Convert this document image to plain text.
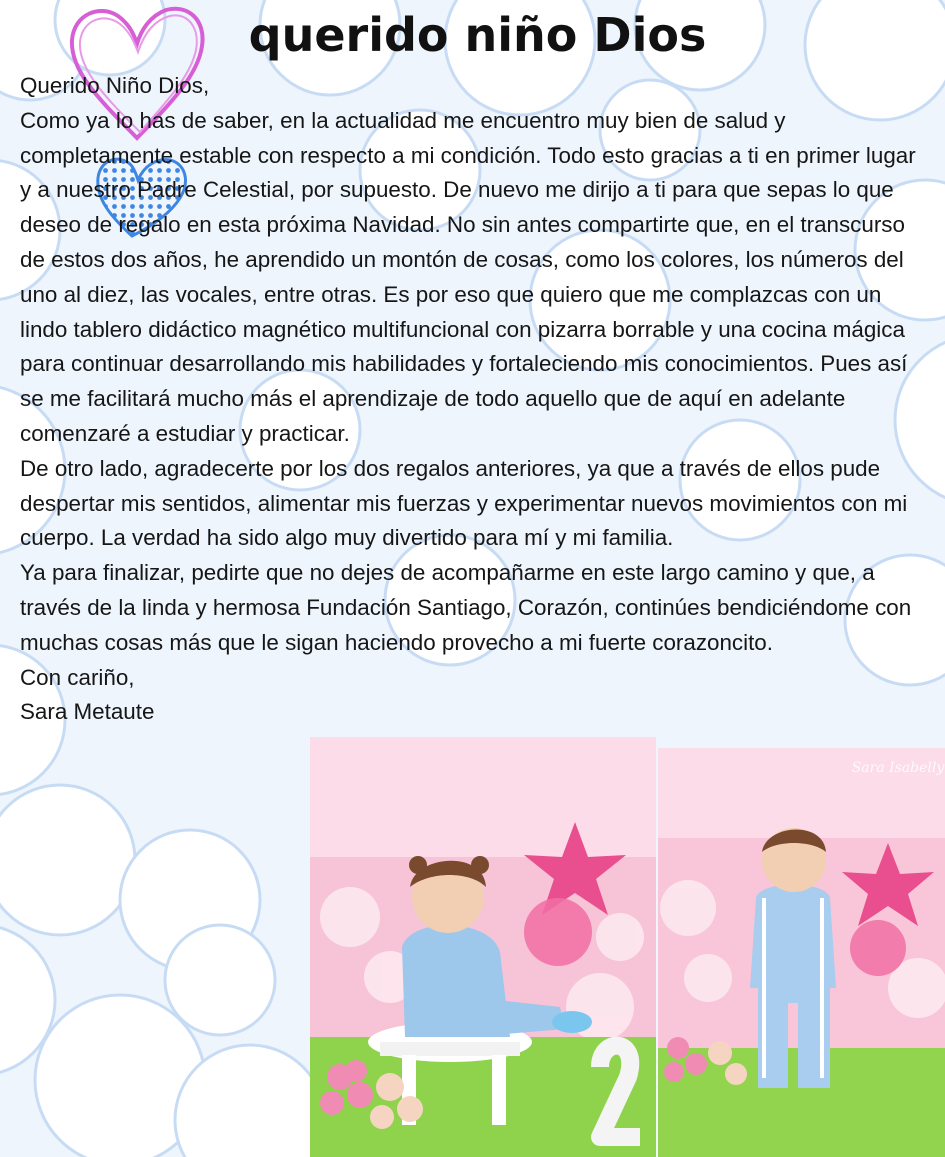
querido niño Dios

Querido Niño Dios,

Como ya lo has de saber, en la actualidad me encuentro muy bien de salud y completamente estable con respecto a mi condición. Todo esto gracias a ti en primer lugar y a nuestro Padre Celestial, por supuesto. De nuevo me dirijo a ti para que sepas lo que deseo de regalo en esta próxima Navidad. No sin antes compartirte que, en el transcurso de estos dos años, he aprendido un montón de cosas, como los colores, los números del uno al diez, las vocales, entre otras. Es por eso que quiero que me complazcas con un lindo tablero didáctico magnético multifuncional con pizarra borrable y una cocina mágica para continuar desarrollando mis habilidades y fortaleciendo mis conocimientos. Pues así se me facilitará mucho más el aprendizaje de todo aquello que de aquí en adelante comenzaré a estudiar y practicar.

De otro lado, agradecerte por los dos regalos anteriores, ya que a través de ellos pude despertar mis sentidos, alimentar mis fuerzas y experimentar nuevos movimientos con mi cuerpo. La verdad ha sido algo muy divertido para mí y mi familia.

Ya para finalizar, pedirte que no dejes de acompañarme en este largo camino y que, a través de la linda y hermosa Fundación Santiago, Corazón, continúes bendiciéndome con muchas cosas más que le sigan haciendo provecho a mi fuerte corazoncito.

Con cariño,

Sara Metaute

Sara Isabelly
